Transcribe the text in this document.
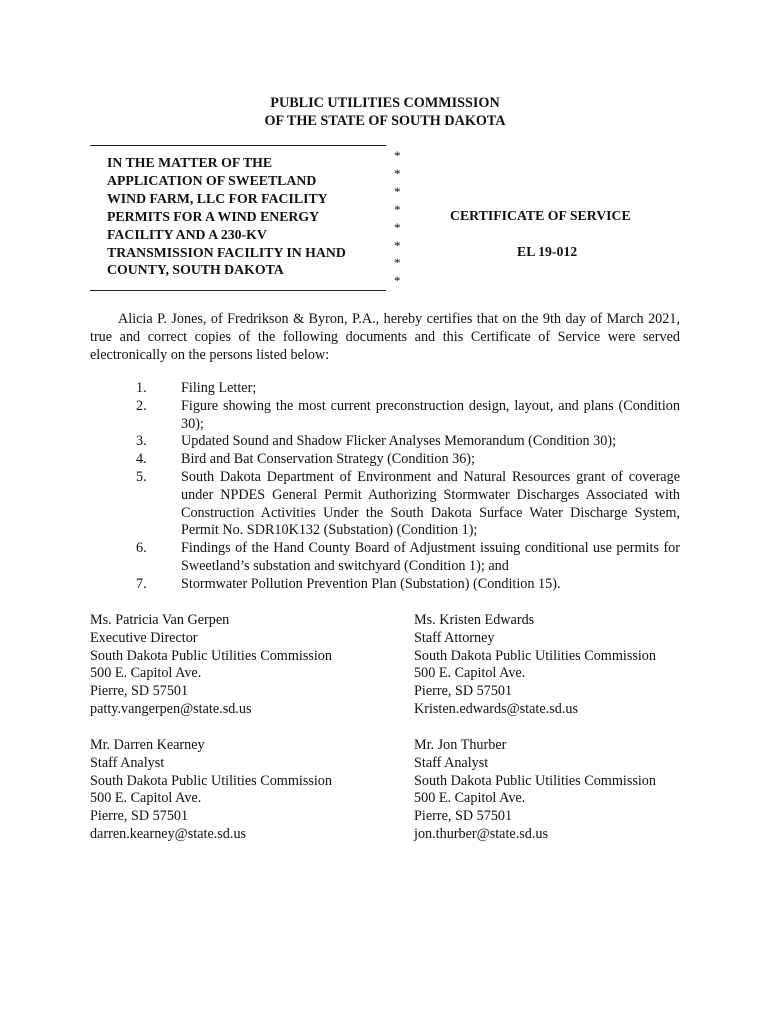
PUBLIC UTILITIES COMMISSION
OF THE STATE OF SOUTH DAKOTA
IN THE MATTER OF THE
APPLICATION OF SWEETLAND
WIND FARM, LLC FOR FACILITY
PERMITS FOR A WIND ENERGY
FACILITY AND A 230-KV
TRANSMISSION FACILITY IN HAND
COUNTY, SOUTH DAKOTA
*
*
*
*
*
*
*
*
CERTIFICATE OF SERVICE
EL 19-012

Alicia P. Jones, of Fredrikson & Byron, P.A., hereby certifies that on the 9th day of March 2021, true and correct copies of the following documents and this Certificate of Service were served electronically on the persons listed below:

1. Filing Letter;
2. Figure showing the most current preconstruction design, layout, and plans (Condition 30);
3. Updated Sound and Shadow Flicker Analyses Memorandum (Condition 30);
4. Bird and Bat Conservation Strategy (Condition 36);
5. South Dakota Department of Environment and Natural Resources grant of coverage under NPDES General Permit Authorizing Stormwater Discharges Associated with Construction Activities Under the South Dakota Surface Water Discharge System, Permit No. SDR10K132 (Substation) (Condition 1);
6. Findings of the Hand County Board of Adjustment issuing conditional use permits for Sweetland’s substation and switchyard (Condition 1); and
7. Stormwater Pollution Prevention Plan (Substation) (Condition 15).
Ms. Patricia Van Gerpen
Executive Director
South Dakota Public Utilities Commission
500 E. Capitol Ave.
Pierre, SD 57501
patty.vangerpen@state.sd.us
Ms. Kristen Edwards
Staff Attorney
South Dakota Public Utilities Commission
500 E. Capitol Ave.
Pierre, SD 57501
Kristen.edwards@state.sd.us
Mr. Darren Kearney
Staff Analyst
South Dakota Public Utilities Commission
500 E. Capitol Ave.
Pierre, SD 57501
darren.kearney@state.sd.us
Mr. Jon Thurber
Staff Analyst
South Dakota Public Utilities Commission
500 E. Capitol Ave.
Pierre, SD 57501
jon.thurber@state.sd.us
